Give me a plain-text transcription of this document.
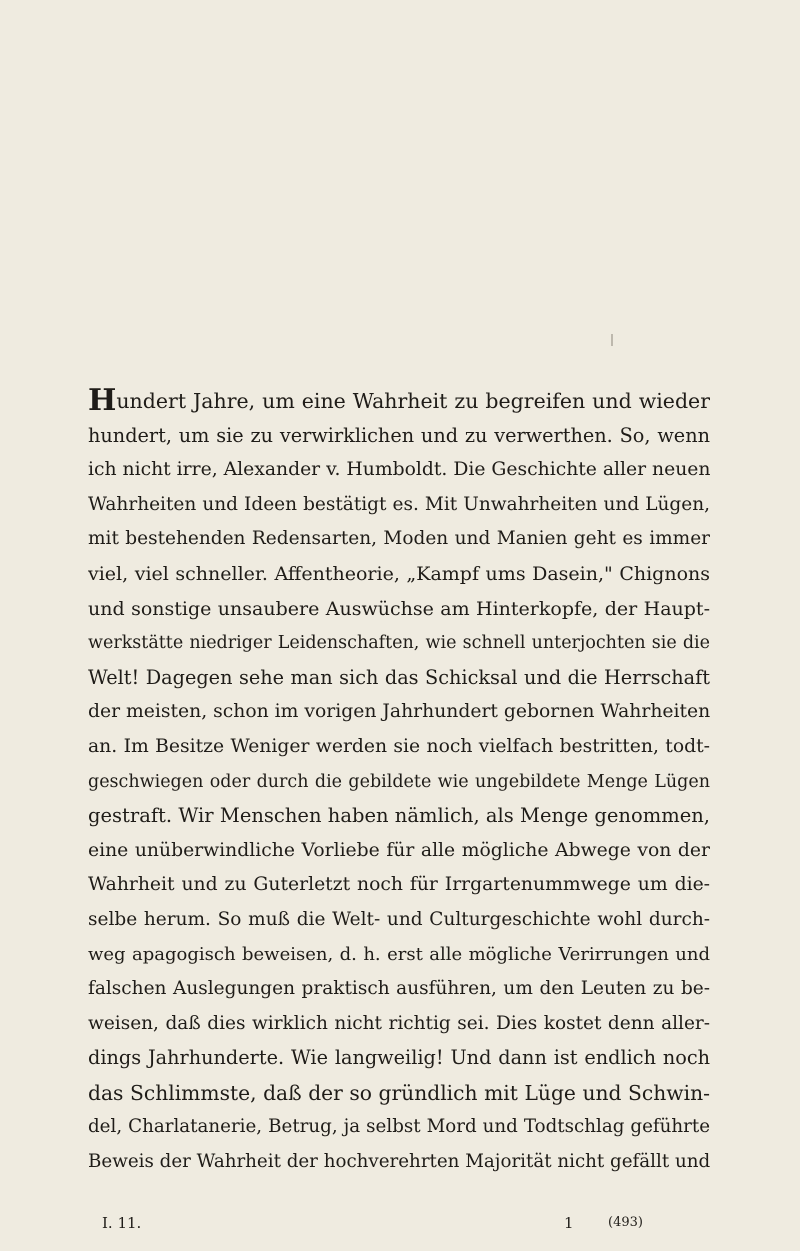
Hundert Jahre, um eine Wahrheit zu begreifen und wieder
hundert, um sie zu verwirklichen und zu verwerthen. So, wenn
ich nicht irre, Alexander v. Humboldt. Die Geschichte aller neuen
Wahrheiten und Ideen bestätigt es. Mit Unwahrheiten und Lügen,
mit bestehenden Redensarten, Moden und Manien geht es immer
viel, viel schneller. Affentheorie, „Kampf ums Dasein," Chignons
und sonstige unsaubere Auswüchse am Hinterkopfe, der Haupt-
werkstätte niedriger Leidenschaften, wie schnell unterjochten sie die
Welt! Dagegen sehe man sich das Schicksal und die Herrschaft
der meisten, schon im vorigen Jahrhundert gebornen Wahrheiten
an. Im Besitze Weniger werden sie noch vielfach bestritten, todt-
geschwiegen oder durch die gebildete wie ungebildete Menge Lügen
gestraft. Wir Menschen haben nämlich, als Menge genommen,
eine unüberwindliche Vorliebe für alle mögliche Abwege von der
Wahrheit und zu Guterletzt noch für Irrgartenummwege um die-
selbe herum. So muß die Welt- und Culturgeschichte wohl durch-
weg apagogisch beweisen, d. h. erst alle mögliche Verirrungen und
falschen Auslegungen praktisch ausführen, um den Leuten zu be-
weisen, daß dies wirklich nicht richtig sei. Dies kostet denn aller-
dings Jahrhunderte. Wie langweilig! Und dann ist endlich noch
das Schlimmste, daß der so gründlich mit Lüge und Schwin-
del, Charlatanerie, Betrug, ja selbst Mord und Todtschlag geführte
Beweis der Wahrheit der hochverehrten Majorität nicht gefällt und
I. 11.	1	(493)
